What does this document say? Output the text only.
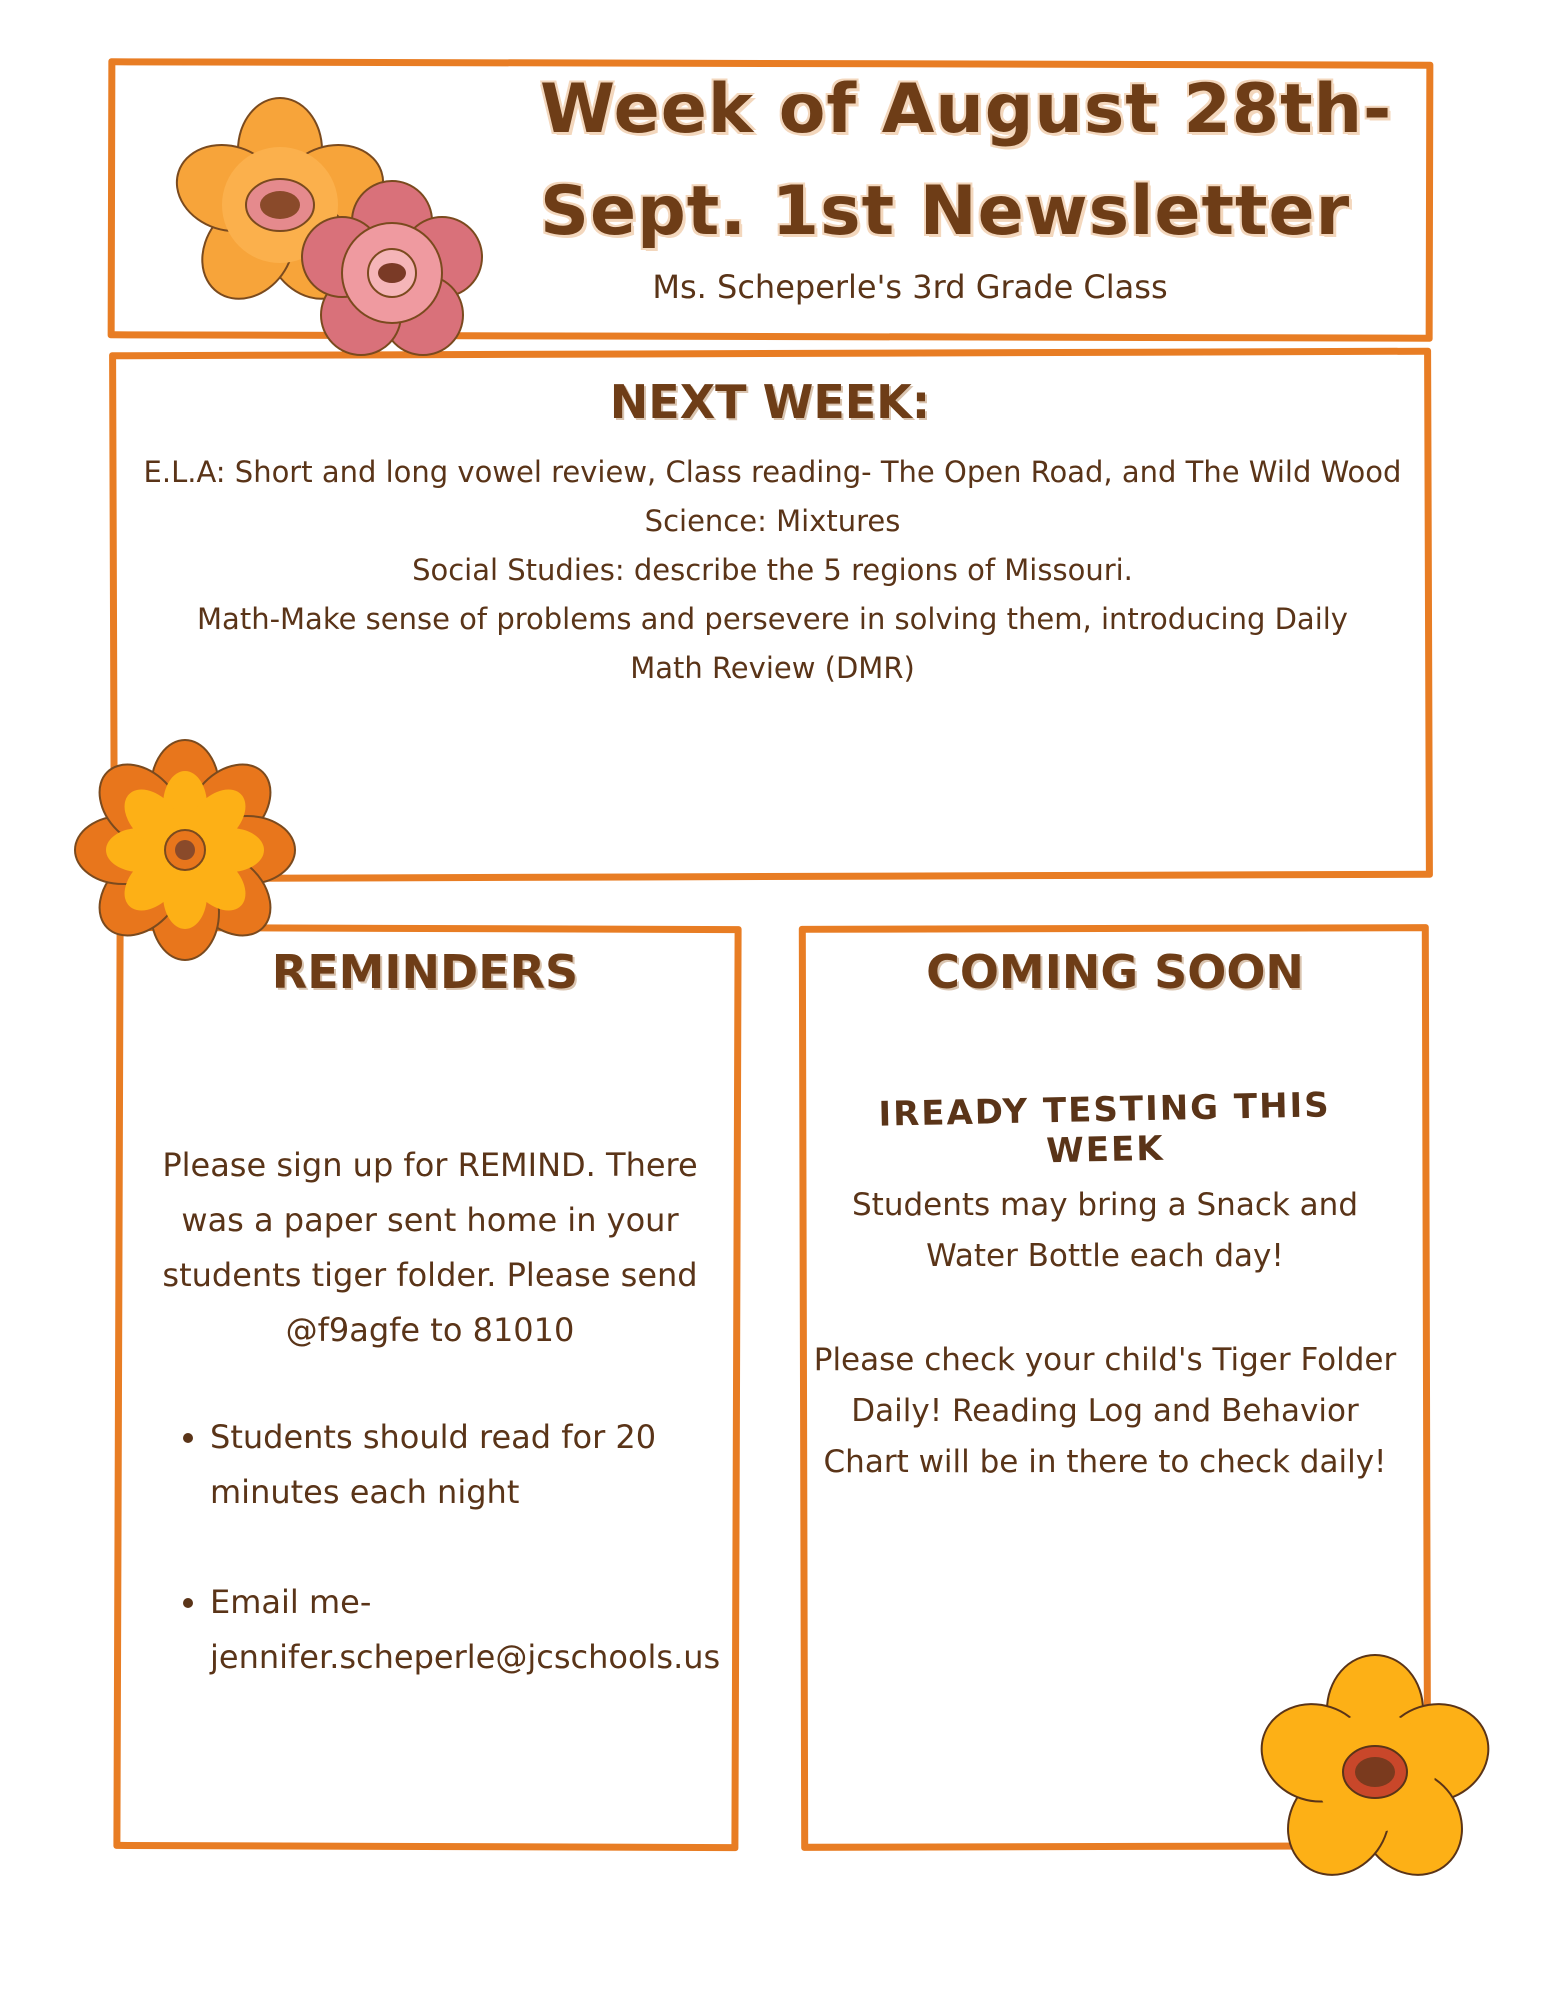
Week of August 28th-
Sept. 1st Newsletter
Ms. Scheperle's 3rd Grade Class
NEXT WEEK:
E.L.A: Short and long vowel review, Class reading- The Open Road, and The Wild Wood
Science: Mixtures
Social Studies: describe the 5 regions of Missouri.
Math-Make sense of problems and persevere in solving them, introducing Daily Math Review (DMR)
REMINDERS
Please sign up for REMIND. There was a paper sent home in your students tiger folder. Please send @f9agfe to 81010
• Students should read for 20 minutes each night
• Email me- jennifer.scheperle@jcschools.us
COMING SOON
IREADY TESTING THIS WEEK
Students may bring a Snack and Water Bottle each day!
Please check your child's Tiger Folder Daily! Reading Log and Behavior Chart will be in there to check daily!
